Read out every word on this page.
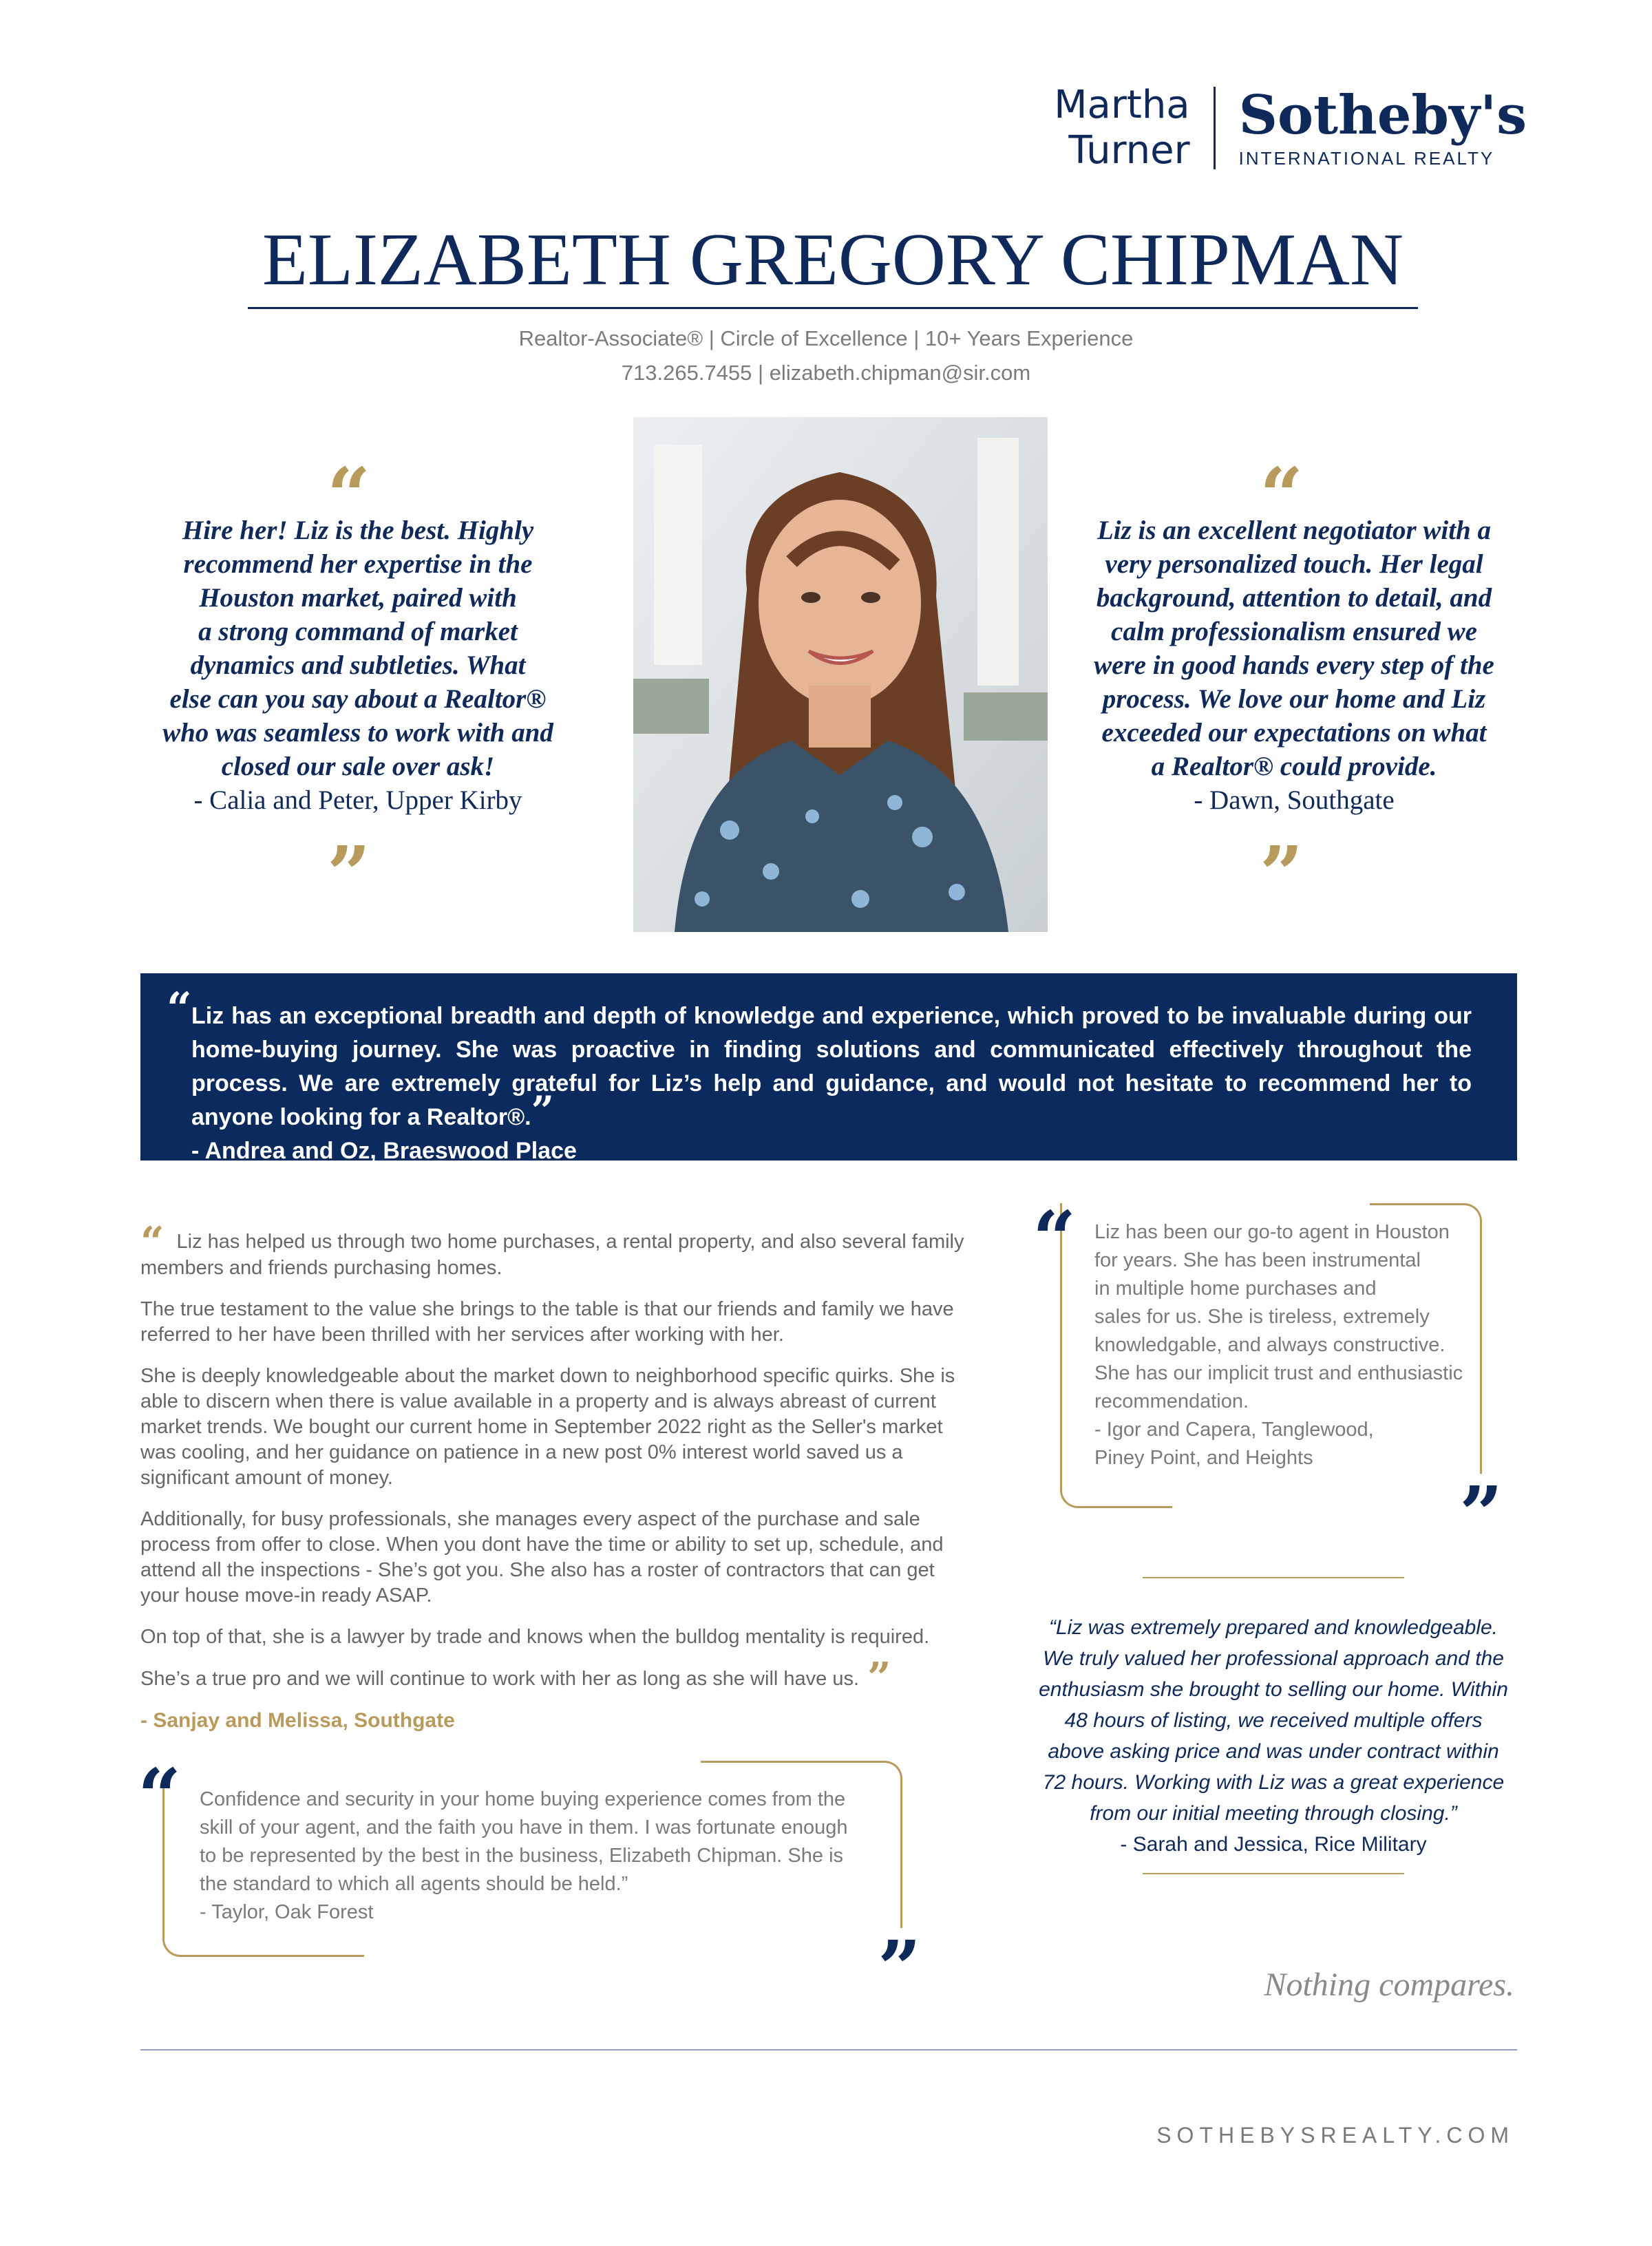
Martha
Turner
Sotheby's
INTERNATIONAL REALTY
ELIZABETH GREGORY CHIPMAN
Realtor-Associate® | Circle of Excellence | 10+ Years Experience
713.265.7455 | elizabeth.chipman@sir.com
“
Hire her! Liz is the best. Highly
recommend her expertise in the
Houston market, paired with
a strong command of market
dynamics and subtleties. What
else can you say about a Realtor®
who was seamless to work with and
closed our sale over ask!
- Calia and Peter, Upper Kirby
”
“
Liz is an excellent negotiator with a
very personalized touch. Her legal
background, attention to detail, and
calm professionalism ensured we
were in good hands every step of the
process. We love our home and Liz
exceeded our expectations on what
a Realtor® could provide.
- Dawn, Southgate
”
“ Liz has an exceptional breadth and depth of knowledge and experience, which proved to be invaluable during our home-buying journey. She was proactive in finding solutions and communicated effectively throughout the process. We are extremely grateful for Liz’s help and guidance, and would not hesitate to recommend her to anyone looking for a Realtor®.”
- Andrea and Oz, Braeswood Place

“ Liz has helped us through two home purchases, a rental property, and also several family members and friends purchasing homes.

The true testament to the value she brings to the table is that our friends and family we have referred to her have been thrilled with her services after working with her.

She is deeply knowledgeable about the market down to neighborhood specific quirks. She is able to discern when there is value available in a property and is always abreast of current market trends. We bought our current home in September 2022 right as the Seller's market was cooling, and her guidance on patience in a new post 0% interest world saved us a significant amount of money.

Additionally, for busy professionals, she manages every aspect of the purchase and sale process from offer to close. When you dont have the time or ability to set up, schedule, and attend all the inspections - She’s got you. She also has a roster of contractors that can get your house move-in ready ASAP.

On top of that, she is a lawyer by trade and knows when the bulldog mentality is required.

She’s a true pro and we will continue to work with her as long as she will have us. ”

- Sanjay and Melissa, Southgate

“
”
Liz has been our go-to agent in Houston
for years. She has been instrumental
in multiple home purchases and
sales for us. She is tireless, extremely
knowledgable, and always constructive.
She has our implicit trust and enthusiastic
recommendation.
- Igor and Capera, Tanglewood,
Piney Point, and Heights
“Liz was extremely prepared and knowledgeable.
We truly valued her professional approach and the
enthusiasm she brought to selling our home. Within
48 hours of listing, we received multiple offers
above asking price and was under contract within
72 hours. Working with Liz was a great experience
from our initial meeting through closing.”
- Sarah and Jessica, Rice Military
“
”
Confidence and security in your home buying experience comes from the
skill of your agent, and the faith you have in them. I was fortunate enough
to be represented by the best in the business, Elizabeth Chipman. She is
the standard to which all agents should be held.”
- Taylor, Oak Forest
Nothing compares.
SOTHEBYSREALTY.COM
